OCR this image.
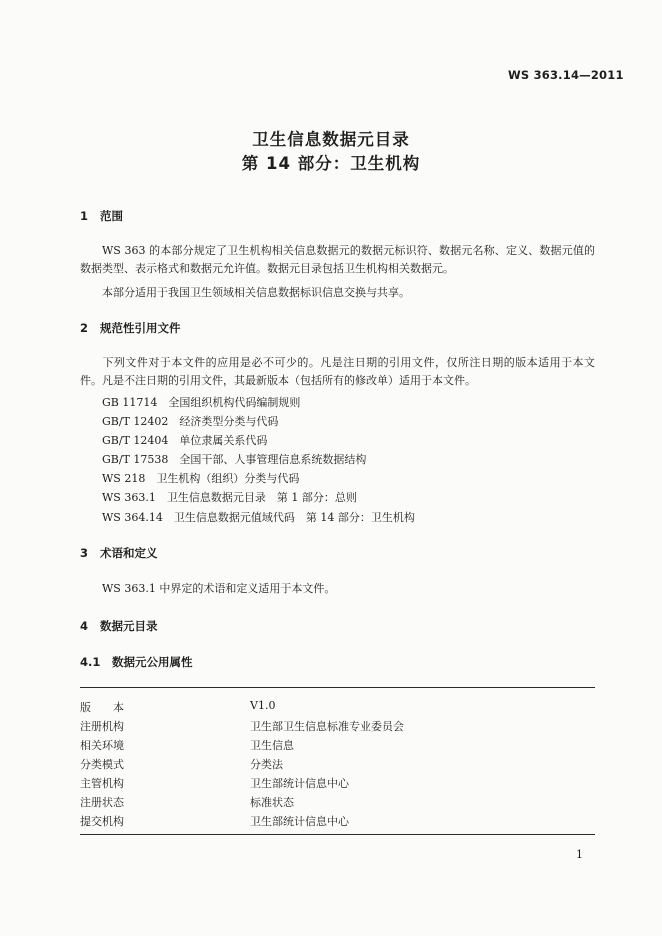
WS 363.14—2011
卫生信息数据元目录
第 14 部分：卫生机构
1 范围
WS 363 的本部分规定了卫生机构相关信息数据元的数据元标识符、数据元名称、定义、数据元值的数据类型、表示格式和数据元允许值。数据元目录包括卫生机构相关数据元。
本部分适用于我国卫生领域相关信息数据标识信息交换与共享。
2 规范性引用文件
下列文件对于本文件的应用是必不可少的。凡是注日期的引用文件，仅所注日期的版本适用于本文件。凡是不注日期的引用文件，其最新版本（包括所有的修改单）适用于本文件。
GB 11714　全国组织机构代码编制规则
GB/T 12402　经济类型分类与代码
GB/T 12404　单位隶属关系代码
GB/T 17538　全国干部、人事管理信息系统数据结构
WS 218　卫生机构（组织）分类与代码
WS 363.1　卫生信息数据元目录　第 1 部分：总则
WS 364.14　卫生信息数据元值域代码　第 14 部分：卫生机构
3 术语和定义
WS 363.1 中界定的术语和定义适用于本文件。
4 数据元目录
4.1 数据元公用属性
版　　本	V1.0
注册机构	卫生部卫生信息标准专业委员会
相关环境	卫生信息
分类模式	分类法
主管机构	卫生部统计信息中心
注册状态	标准状态
提交机构	卫生部统计信息中心
1
